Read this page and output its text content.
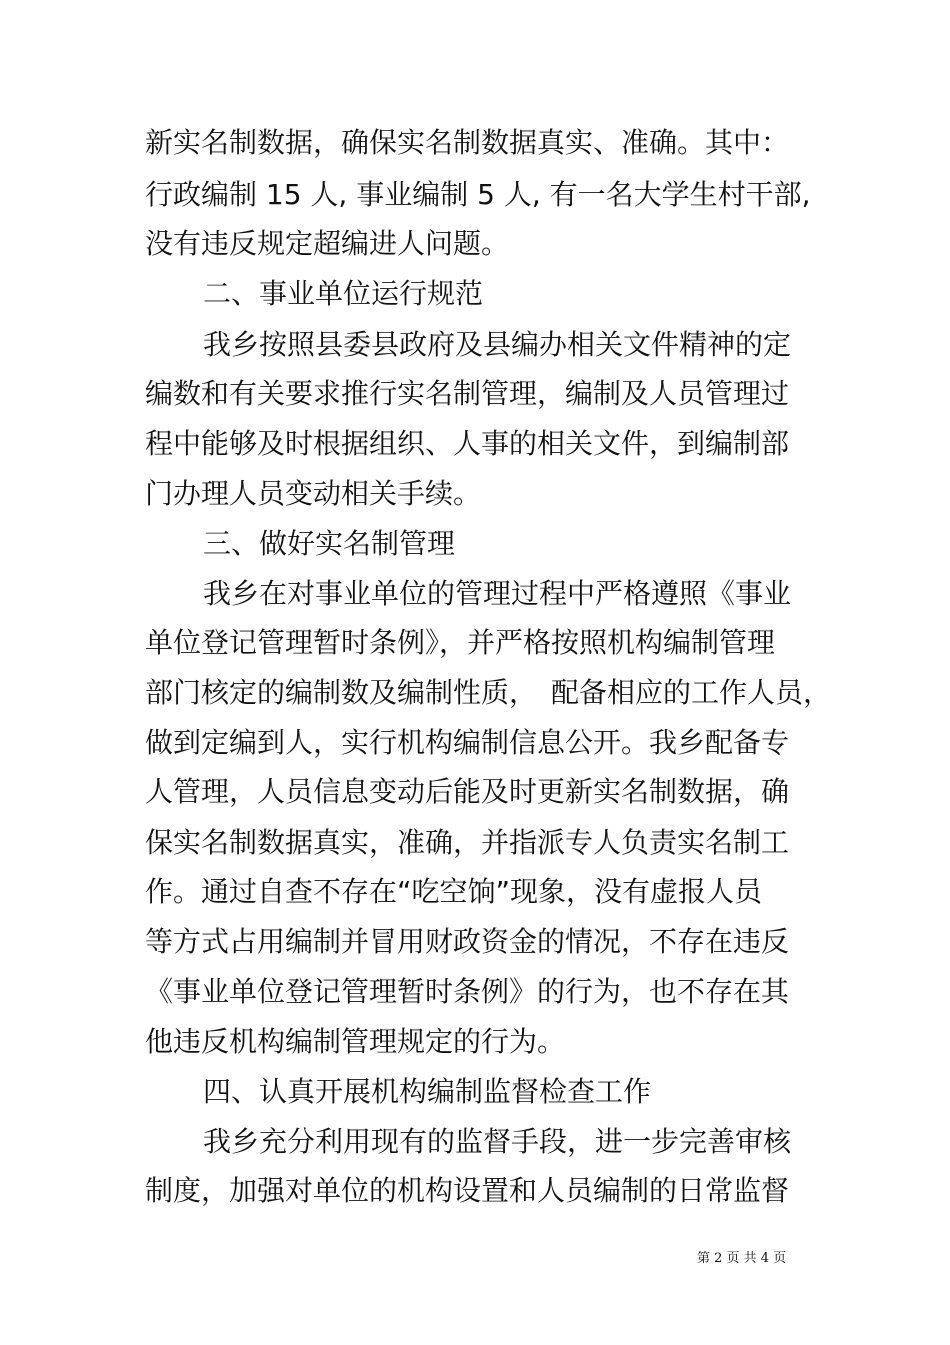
新实名制数据，确保实名制数据真实、准确。其中：
行政编制 15 人, 事业编制 5 人, 有一名大学生村干部,
没有违反规定超编进人问题。
二、事业单位运行规范
我乡按照县委县政府及县编办相关文件精神的定
编数和有关要求推行实名制管理，编制及人员管理过
程中能够及时根据组织、人事的相关文件，到编制部
门办理人员变动相关手续。
三、做好实名制管理
我乡在对事业单位的管理过程中严格遵照《事业
单位登记管理暂时条例》，并严格按照机构编制管理
部门核定的编制数及编制性质，　配备相应的工作人员，
做到定编到人，实行机构编制信息公开。我乡配备专
人管理，人员信息变动后能及时更新实名制数据，确
保实名制数据真实，准确，并指派专人负责实名制工
作。通过自查不存在“吃空饷”现象，没有虚报人员
等方式占用编制并冒用财政资金的情况，不存在违反
《事业单位登记管理暂时条例》的行为，也不存在其
他违反机构编制管理规定的行为。
四、认真开展机构编制监督检查工作
我乡充分利用现有的监督手段，进一步完善审核
制度，加强对单位的机构设置和人员编制的日常监督
第 2 页 共 4 页
